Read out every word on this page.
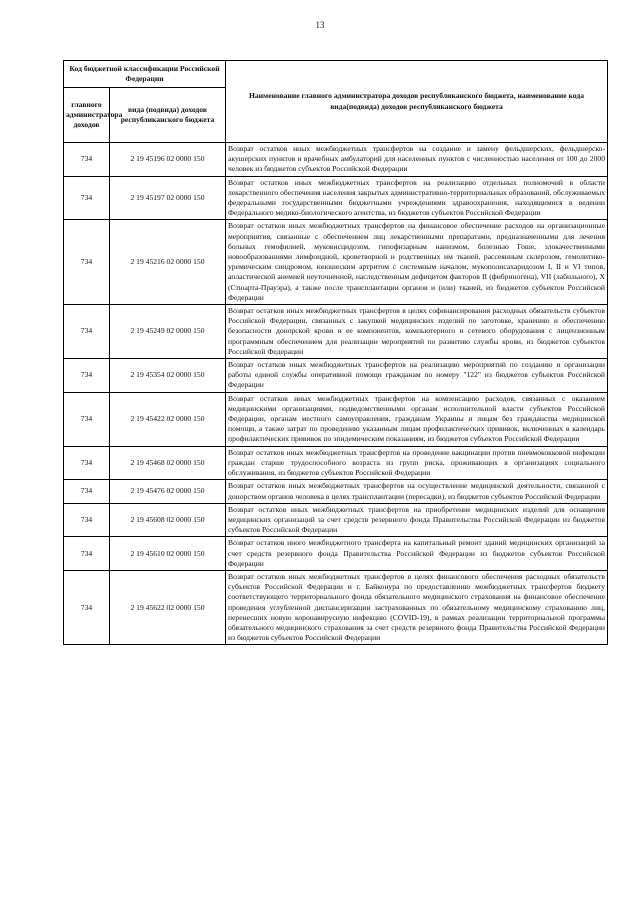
13
Код бюджетной классификации Российской Федерации		Наименование главного администратора доходов республиканского бюджета, наименование кода вида(подвида) доходов республиканского бюджета
главного администратора доходов	вида (подвида) доходов республиканского бюджета	
734	2 19 45196 02 0000 150	Возврат остатков иных межбюджетных трансфертов на создание и замену фельдшерских, фельдшерско-акушерских пунктов и врачебных амбулаторий для населенных пунктов с численностью населения от 100 до 2000 человек из бюджетов субъектов Российской Федерации
734	2 19 45197 02 0000 150	Возврат остатков иных межбюджетных трансфертов на реализацию отдельных полномочий в области лекарственного обеспечения населения закрытых административно-территориальных образований, обслуживаемых федеральными государственными бюджетными учреждениями здравоохранения, находящимися в ведении Федерального медико-биологического агентства, из бюджетов субъектов Российской Федерации
734	2 19 45216 02 0000 150	Возврат остатков иных межбюджетных трансфертов на финансовое обеспечение расходов на организационные мероприятия, связанные с обеспечением лиц лекарственными препаратами, предназначенными для лечения больных гемофилией, муковисцидозом, гипофизарным нанизмом, болезнью Гоше, злокачественными новообразованиями лимфоидной, кроветворной и родственных им тканей, рассеянным склерозом, гемолитико-уремическим синдромом, юношеским артритом с системным началом, мукополисахаридозом I, II и VI типов, апластической анемией неуточненной, наследственным дефицитом факторов II (фибриногена), VII (лабильного), X (Стюарта-Прауэра), а также после трансплантации органов и (или) тканей, из бюджетов субъектов Российской Федерации
734	2 19 45249 02 0000 150	Возврат остатков иных межбюджетных трансфертов в целях софинансирования расходных обязательств субъектов Российской Федерации, связанных с закупкой медицинских изделий по заготовке, хранению и обеспечению безопасности донорской крови и ее компонентов, компьютерного и сетевого оборудования с лицензионным программным обеспечением для реализации мероприятий по развитию службы крови, из бюджетов субъектов Российской Федерации
734	2 19 45354 02 0000 150	Возврат остатков иных межбюджетных трансфертов на реализацию мероприятий по созданию и организации работы единой службы оперативной помощи гражданам по номеру "122" из бюджетов субъектов Российской Федерации
734	2 19 45422 02 0000 150	Возврат остатков иных межбюджетных трансфертов на компенсацию расходов, связанных с оказанием медицинскими организациями, подведомственными органам исполнительной власти субъектов Российской Федерации, органам местного самоуправления, гражданам Украины и лицам без гражданства медицинской помощи, а также затрат по проведению указанным лицам профилактических прививок, включенных в календарь профилактических прививок по эпидемическим показаниям, из бюджетов субъектов Российской Федерации
734	2 19 45468 02 0000 150	Возврат остатков иных межбюджетных трансфертов на проведение вакцинации против пневмококковой инфекции граждан старше трудоспособного возраста из групп риска, проживающих в организациях социального обслуживания, из бюджетов субъектов Российской Федерации
734	2 19 45476 02 0000 150	Возврат остатков иных межбюджетных трансфертов на осуществление медицинской деятельности, связанной с донорством органов человека в целях трансплантации (пересадки), из бюджетов субъектов Российской Федерации
734	2 19 45608 02 0000 150	Возврат остатков иных межбюджетных трансфертов на приобретение медицинских изделий для оснащения медицинских организаций за счет средств резервного фонда Правительства Российской Федерации из бюджетов субъектов Российской Федерации
734	2 19 45610 02 0000 150	Возврат остатков иного межбюджетного трансферта на капитальный ремонт зданий медицинских организаций за счет средств резервного фонда Правительства Российской Федерации из бюджетов субъектов Российской Федерации
734	2 19 45622 02 0000 150	Возврат остатков иных межбюджетных трансфертов в целях финансового обеспечения расходных обязательств субъектов Российской Федерации и г. Байконура по предоставлению межбюджетных трансфертов бюджету соответствующего территориального фонда обязательного медицинского страхования на финансовое обеспечение проведения углубленной диспансеризации застрахованных по обязательному медицинскому страхованию лиц, перенесших новую коронавирусную инфекцию (COVID-19), в рамках реализации территориальной программы обязательного медицинского страхования за счет средств резервного фонда Правительства Российской Федерации из бюджетов субъектов Российской Федерации
